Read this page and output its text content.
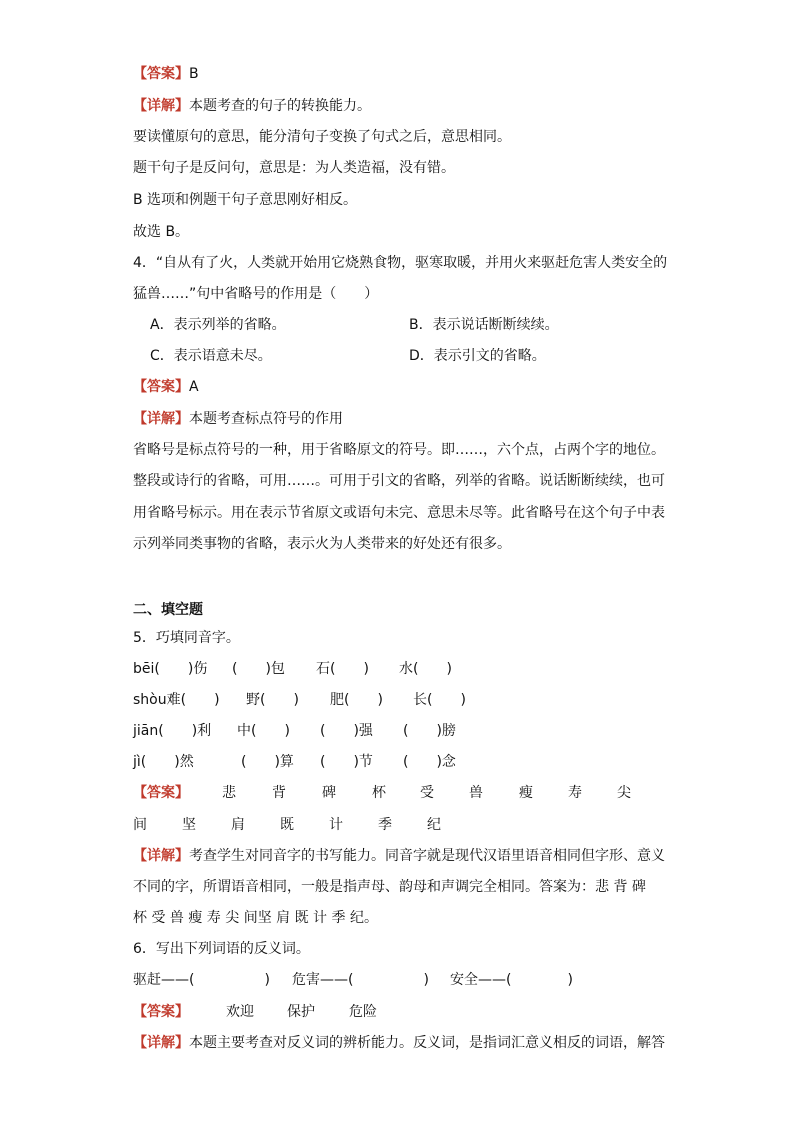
【答案】B
【详解】本题考查的句子的转换能力。
要读懂原句的意思，能分清句子变换了句式之后，意思相同。
题干句子是反问句，意思是：为人类造福，没有错。
B 选项和例题干句子意思刚好相反。
故选 B。
4．“自从有了火，人类就开始用它烧熟食物，驱寒取暖，并用火来驱赶危害人类安全的
猛兽……”句中省略号的作用是（　　）
A．表示列举的省略。	B．表示说话断断续续。
C．表示语意未尽。	D．表示引文的省略。
【答案】A
【详解】本题考查标点符号的作用
省略号是标点符号的一种，用于省略原文的符号。即……，六个点，占两个字的地位。
整段或诗行的省略，可用……。可用于引文的省略，列举的省略。说话断断续续，也可
用省略号标示。用在表示节省原文或语句未完、意思未尽等。此省略号在这个句子中表
示列举同类事物的省略，表示火为人类带来的好处还有很多。
二、填空题
5．巧填同音字。
bēi(　　)伤 (　　)包 石(　　) 水(　　)
shòu难(　　) 野(　　) 肥(　　) 长(　　)
jiān(　　)利 中(　　) (　　)强 (　　)膀
jì(　　)然	(　　)算 (　　)节 (　　)念
【答案】 悲	背	碑	杯 受	兽	瘦	寿	尖
间	坚	肩	既	计	季	纪
【详解】考查学生对同音字的书写能力。同音字就是现代汉语里语音相同但字形、意义
不同的字，所谓语音相同，一般是指声母、韵母和声调完全相同。答案为：悲 背 碑
杯 受 兽 瘦 寿 尖 间坚 肩 既 计 季 纪。
6．写出下列词语的反义词。
驱赶——(　　　　　) 危害——(　　　　　) 安全——(　　　　)
【答案】	欢迎 保护 危险
【详解】本题主要考查对反义词的辨析能力。反义词，是指词汇意义相反的词语，解答
